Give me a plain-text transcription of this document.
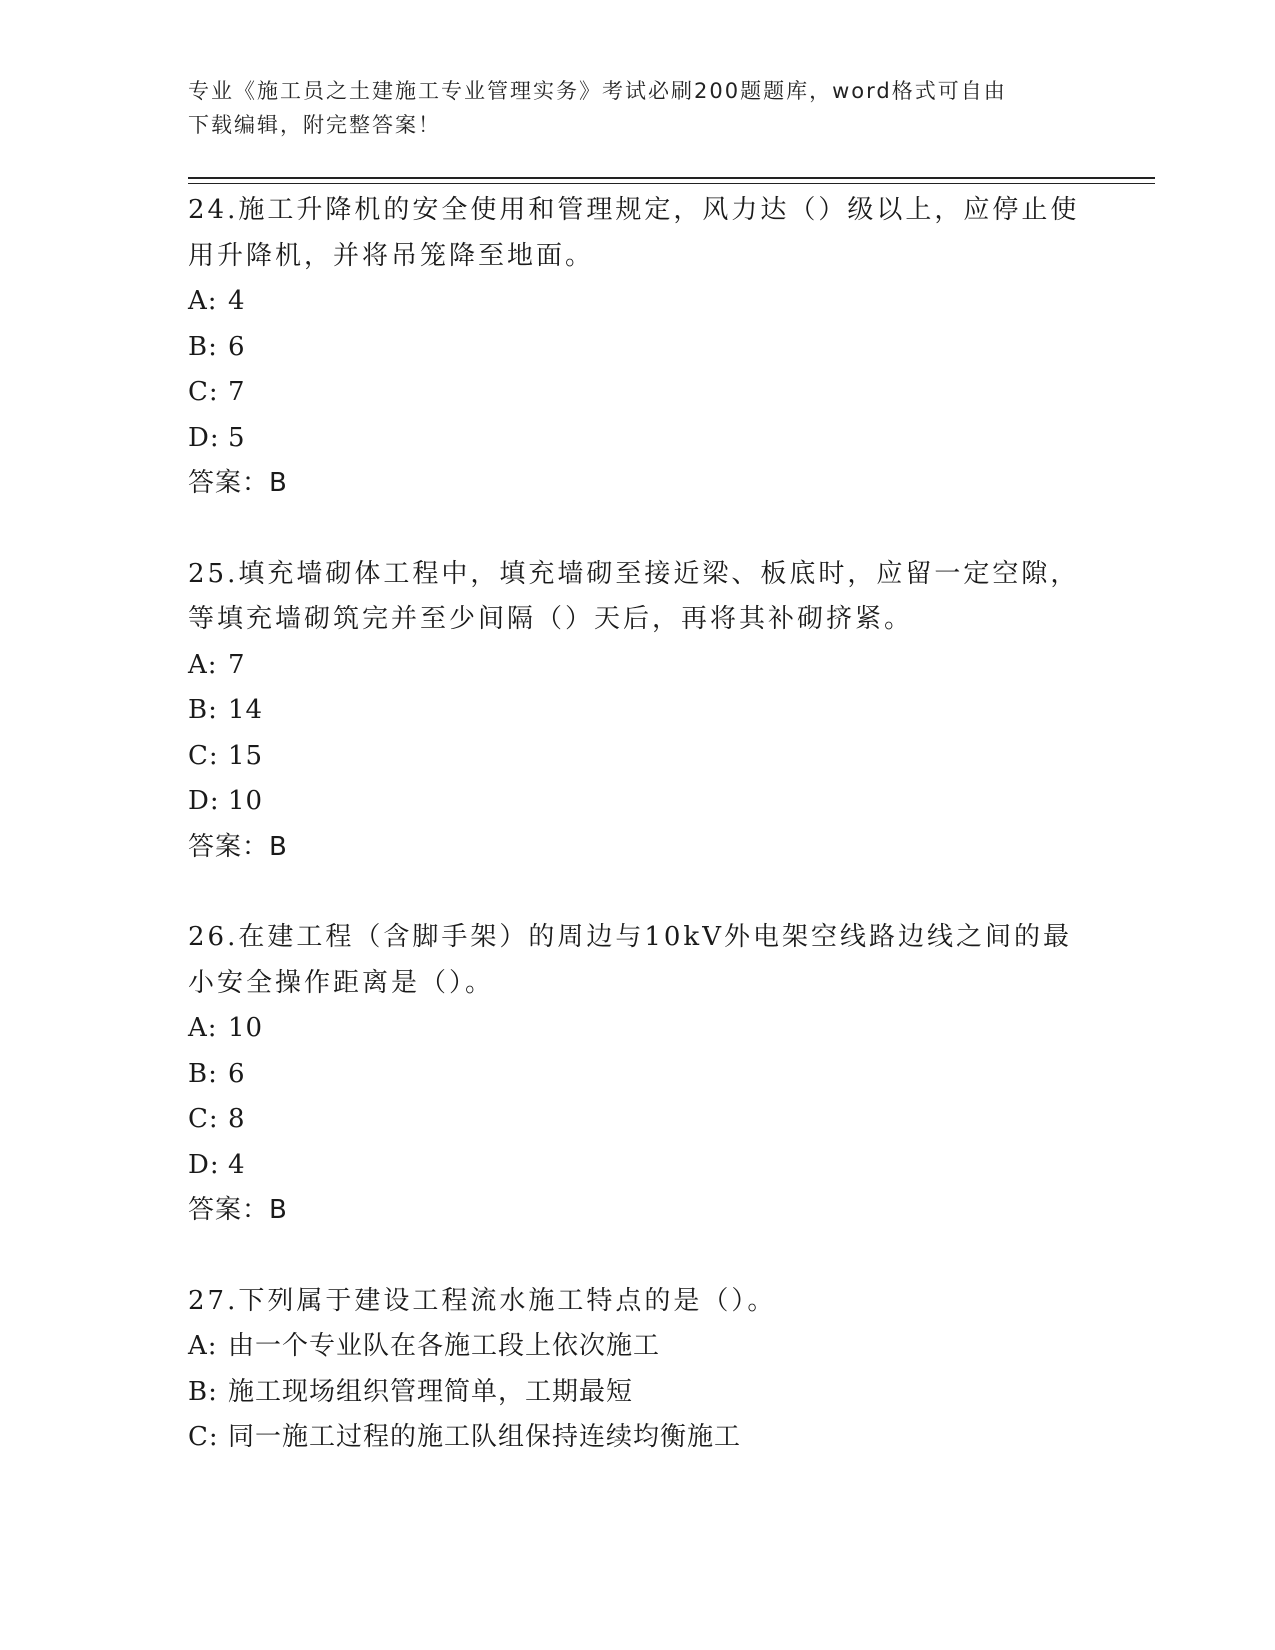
专业《施工员之土建施工专业管理实务》考试必刷200题题库，word格式可自由
下载编辑，附完整答案！

24.施工升降机的安全使用和管理规定，风力达（）级以上，应停止使

用升降机，并将吊笼降至地面。

A: 4

B: 6

C: 7

D: 5

答案：B

25.填充墙砌体工程中，填充墙砌至接近梁、板底时，应留一定空隙，

等填充墙砌筑完并至少间隔（）天后，再将其补砌挤紧。

A: 7

B: 14

C: 15

D: 10

答案：B

26.在建工程（含脚手架）的周边与10kV外电架空线路边线之间的最

小安全操作距离是（）。

A: 10

B: 6

C: 8

D: 4

答案：B

27.下列属于建设工程流水施工特点的是（）。

A: 由一个专业队在各施工段上依次施工

B: 施工现场组织管理简单，工期最短

C: 同一施工过程的施工队组保持连续均衡施工
